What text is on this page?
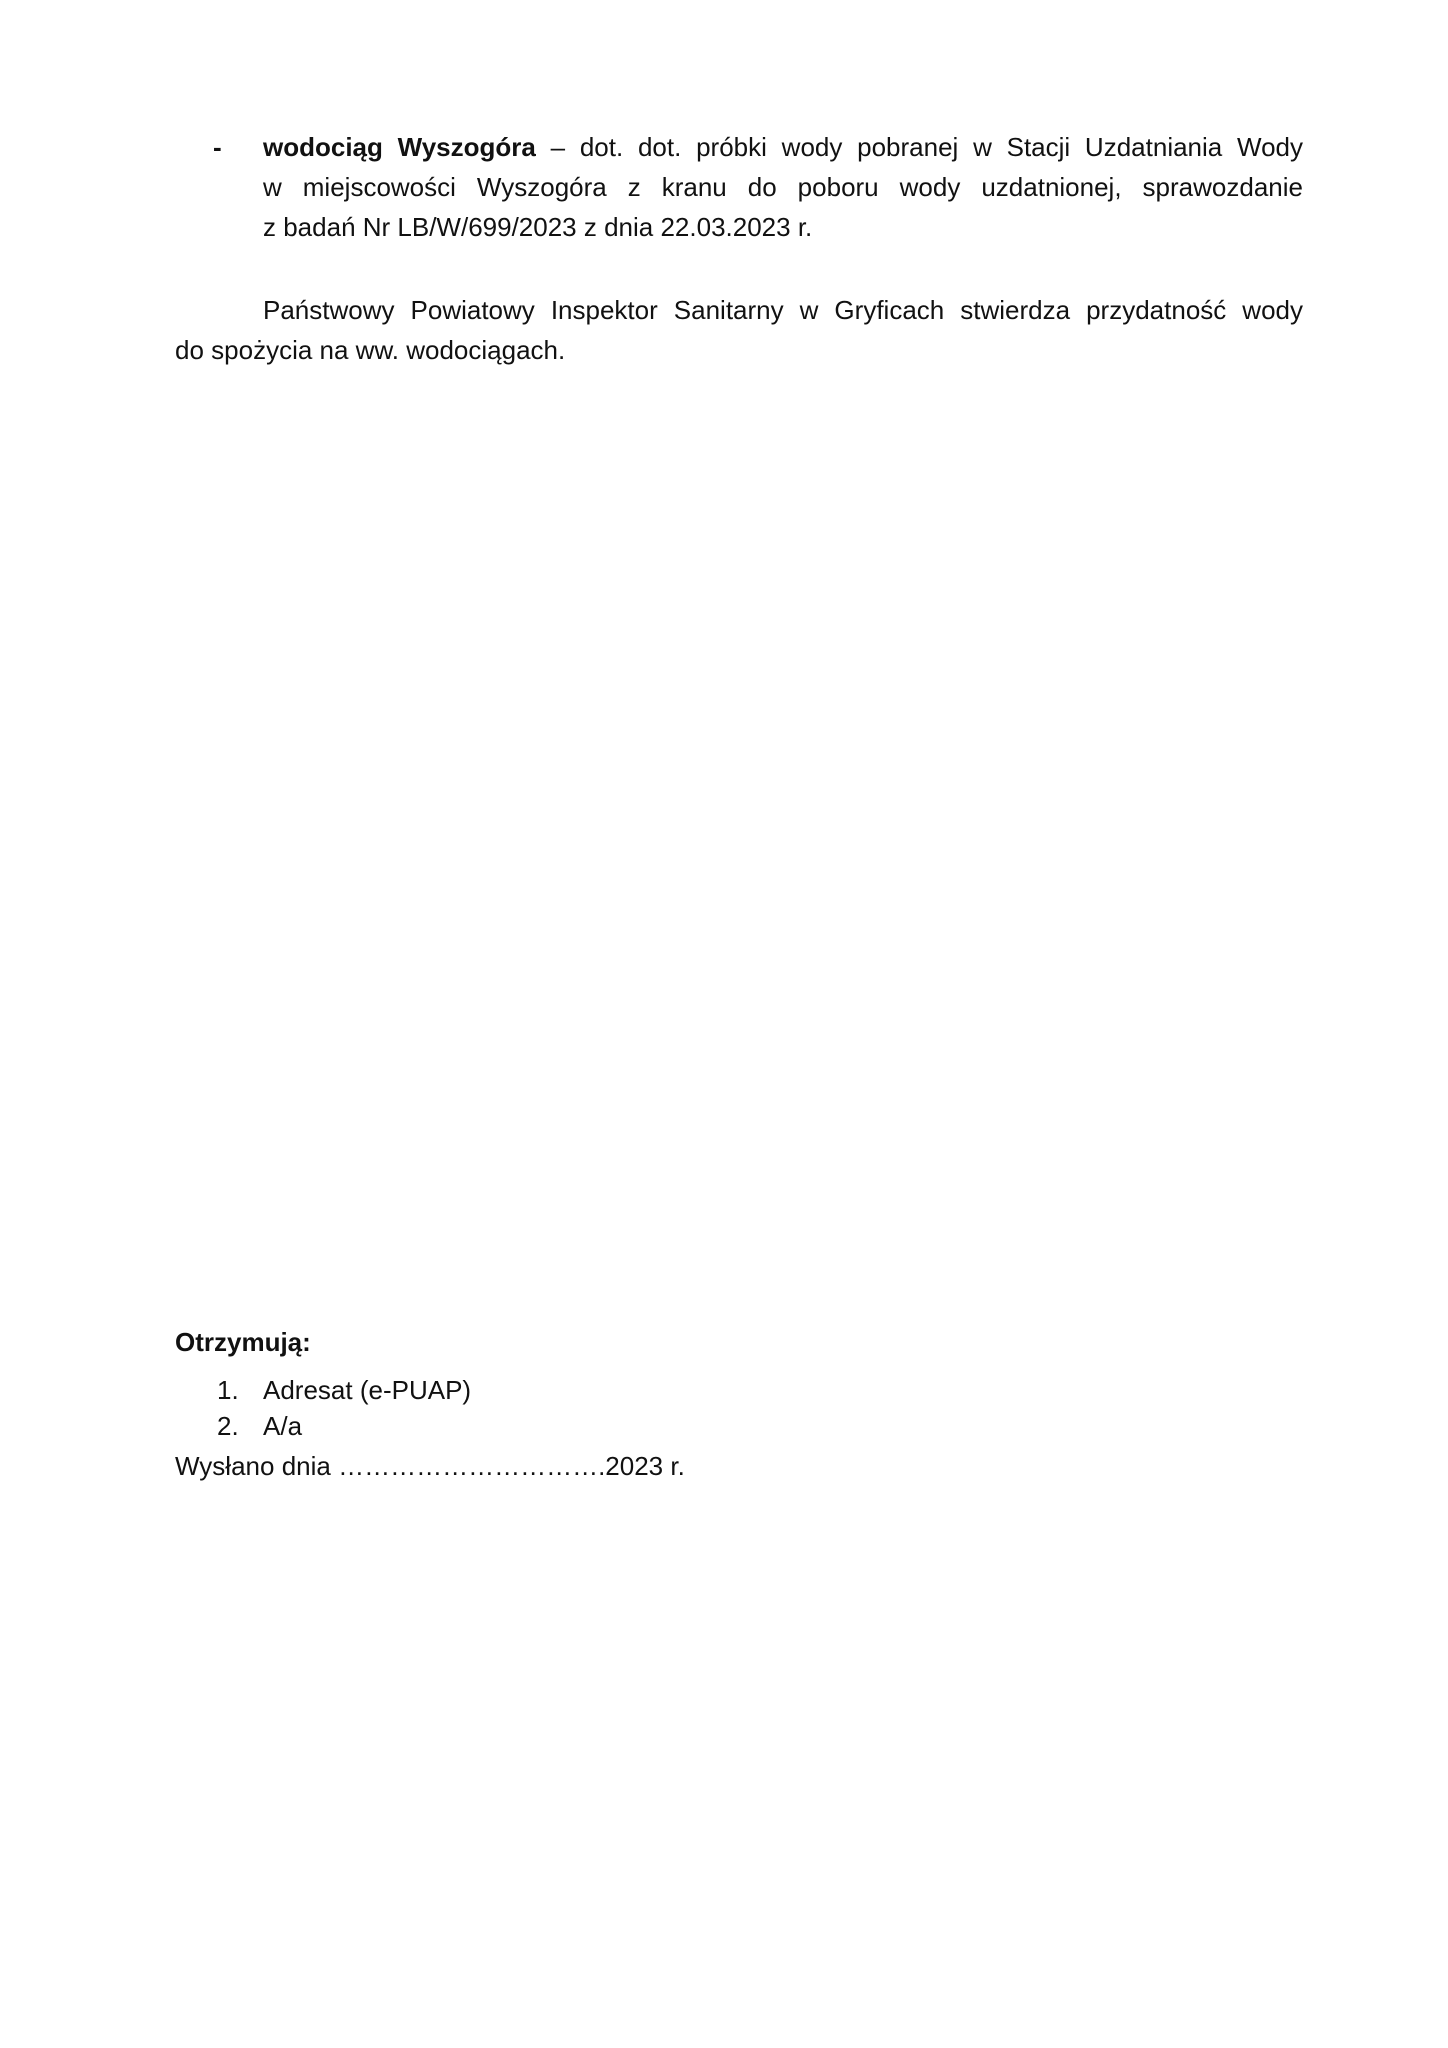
-	wodociąg Wyszogóra – dot. dot. próbki wody pobranej w Stacji Uzdatniania Wody
w miejscowości Wyszogóra z kranu do poboru wody uzdatnionej, sprawozdanie
z badań Nr LB/W/699/2023 z dnia 22.03.2023 r.
Państwowy Powiatowy Inspektor Sanitarny w Gryficach stwierdza przydatność wody
do spożycia na ww. wodociągach.
Otrzymują:
1. Adresat (e-PUAP)
2. A/a
Wysłano dnia ………………………….2023 r.
